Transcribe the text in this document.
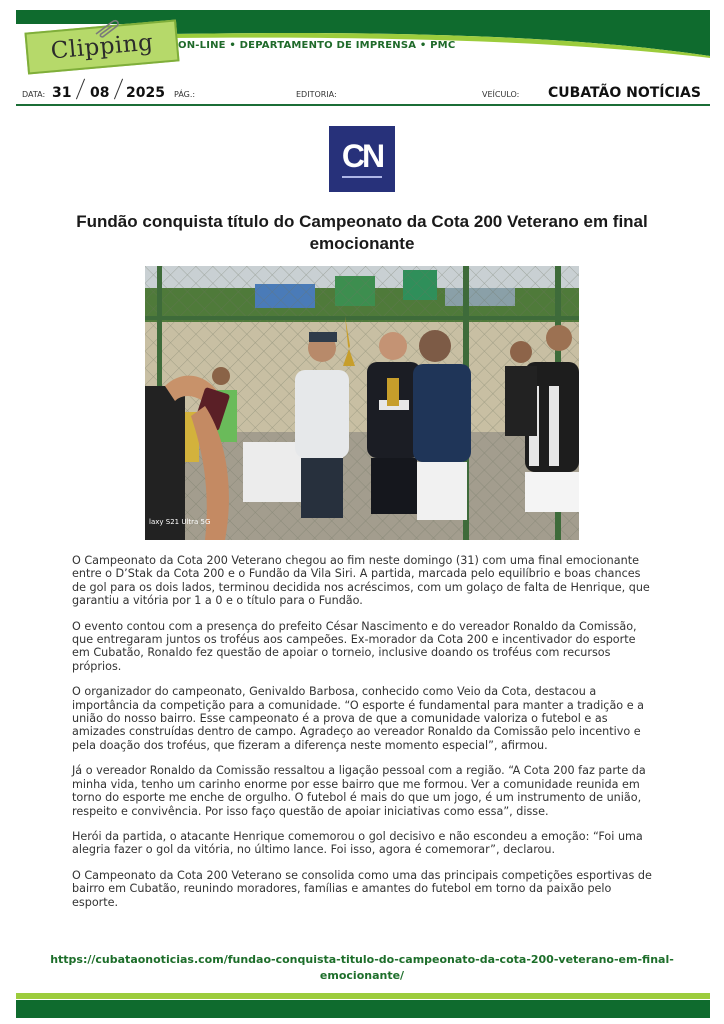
Clipping ON-LINE • DEPARTAMENTO DE IMPRENSA • PMC
DATA: 31 08 2025 PÁG.:	EDITORIA:	VEÍCULO: CUBATÃO NOTÍCIAS
CN
Fundão conquista título do Campeonato da Cota 200 Veterano em final emocionante
laxy S21 Ultra 5G

O Campeonato da Cota 200 Veterano chegou ao fim neste domingo (31) com uma final emocionante entre o D’Stak da Cota 200 e o Fundão da Vila Siri. A partida, marcada pelo equilíbrio e boas chances de gol para os dois lados, terminou decidida nos acréscimos, com um golaço de falta de Henrique, que garantiu a vitória por 1 a 0 e o título para o Fundão.

O evento contou com a presença do prefeito César Nascimento e do vereador Ronaldo da Comissão, que entregaram juntos os troféus aos campeões. Ex-morador da Cota 200 e incentivador do esporte em Cubatão, Ronaldo fez questão de apoiar o torneio, inclusive doando os troféus com recursos próprios.

O organizador do campeonato, Genivaldo Barbosa, conhecido como Veio da Cota, destacou a importância da competição para a comunidade. “O esporte é fundamental para manter a tradição e a união do nosso bairro. Esse campeonato é a prova de que a comunidade valoriza o futebol e as amizades construídas dentro de campo. Agradeço ao vereador Ronaldo da Comissão pelo incentivo e pela doação dos troféus, que fizeram a diferença neste momento especial”, afirmou.

Já o vereador Ronaldo da Comissão ressaltou a ligação pessoal com a região. “A Cota 200 faz parte da minha vida, tenho um carinho enorme por esse bairro que me formou. Ver a comunidade reunida em torno do esporte me enche de orgulho. O futebol é mais do que um jogo, é um instrumento de união, respeito e convivência. Por isso faço questão de apoiar iniciativas como essa”, disse.

Herói da partida, o atacante Henrique comemorou o gol decisivo e não escondeu a emoção: “Foi uma alegria fazer o gol da vitória, no último lance. Foi isso, agora é comemorar”, declarou.

O Campeonato da Cota 200 Veterano se consolida como uma das principais competições esportivas de bairro em Cubatão, reunindo moradores, famílias e amantes do futebol em torno da paixão pelo esporte.

https://cubataonoticias.com/fundao-conquista-titulo-do-campeonato-da-cota-200-veterano-em-final-emocionante/
